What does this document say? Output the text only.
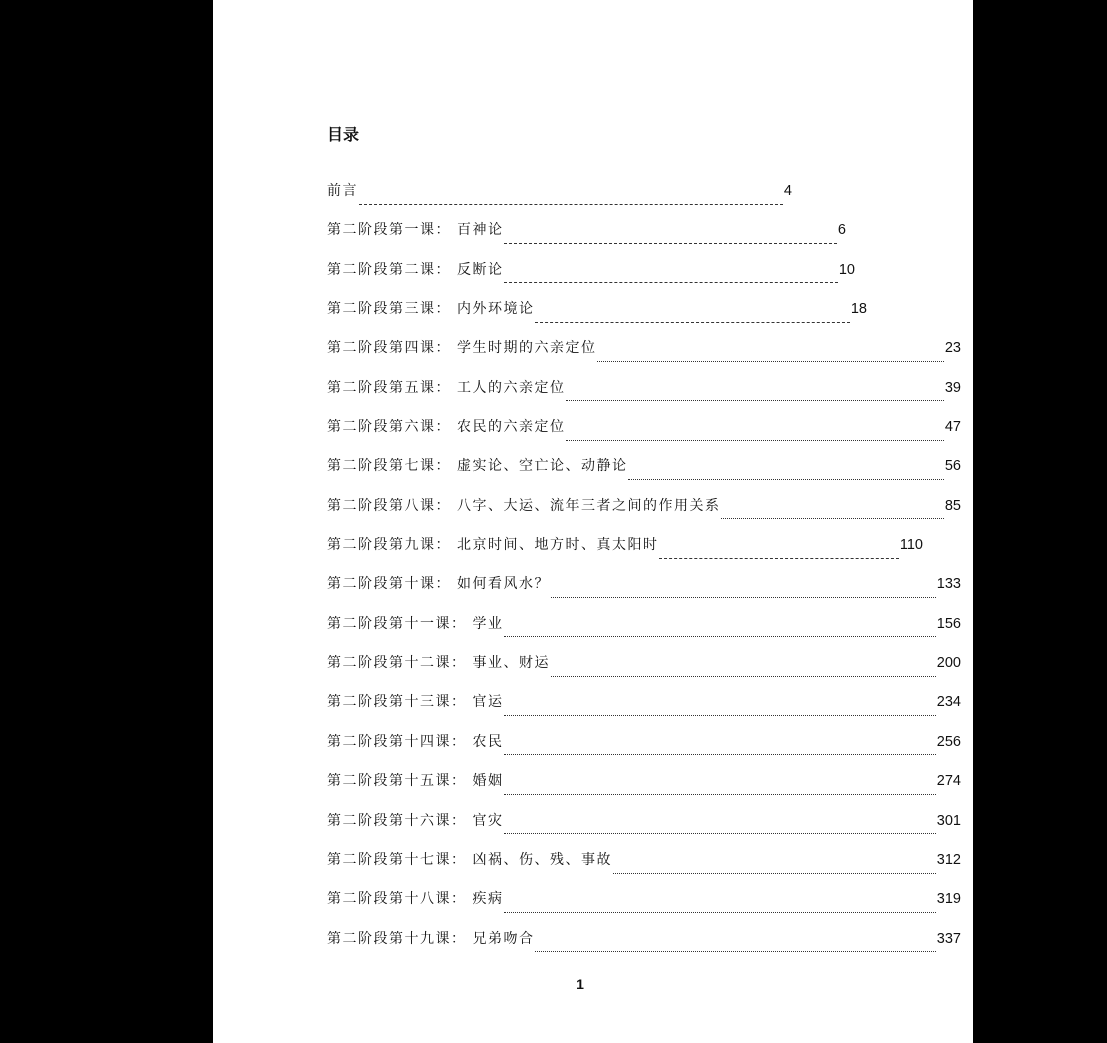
目录
前言	4
第二阶段第一课： 百神论	6
第二阶段第二课： 反断论	10
第二阶段第三课： 内外环境论	18
第二阶段第四课： 学生时期的六亲定位	23
第二阶段第五课： 工人的六亲定位	39
第二阶段第六课： 农民的六亲定位	47
第二阶段第七课： 虚实论、空亡论、动静论	56
第二阶段第八课： 八字、大运、流年三者之间的作用关系	85
第二阶段第九课： 北京时间、地方时、真太阳时	110
第二阶段第十课： 如何看风水？	133
第二阶段第十一课： 学业	156
第二阶段第十二课： 事业、财运	200
第二阶段第十三课： 官运	234
第二阶段第十四课： 农民	256
第二阶段第十五课： 婚姻	274
第二阶段第十六课： 官灾	301
第二阶段第十七课： 凶祸、伤、残、事故	312
第二阶段第十八课： 疾病	319
第二阶段第十九课： 兄弟吻合	337
1
